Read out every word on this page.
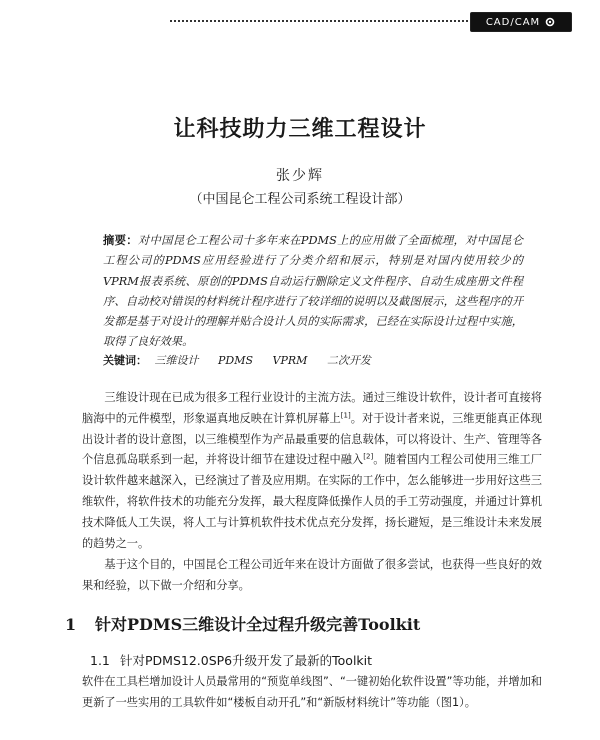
CAD/CAM
让科技助力三维工程设计
张少辉
（中国昆仑工程公司系统工程设计部）
摘要：对中国昆仑工程公司十多年来在PDMS上的应用做了全面梳理，对中国昆仑工程公司的PDMS应用经验进行了分类介绍和展示，特别是对国内使用较少的VPRM报表系统、原创的PDMS自动运行删除定义文件程序、自动生成座册文件程序、自动校对错误的材料统计程序进行了较详细的说明以及截图展示，这些程序的开发都是基于对设计的理解并贴合设计人员的实际需求，已经在实际设计过程中实施，取得了良好效果。
关键词： 三维设计 PDMS VPRM 二次开发
三维设计现在已成为很多工程行业设计的主流方法。通过三维设计软件，设计者可直接将脑海中的元件模型，形象逼真地反映在计算机屏幕上[1]。对于设计者来说，三维更能真正体现出设计者的设计意图，以三维模型作为产品最重要的信息载体，可以将设计、生产、管理等各个信息孤岛联系到一起，并将设计细节在建设过程中融入[2]。随着国内工程公司使用三维工厂设计软件越来越深入，已经演过了普及应用期。在实际的工作中，怎么能够进一步用好这些三维软件，将软件技术的功能充分发挥，最大程度降低操作人员的手工劳动强度，并通过计算机技术降低人工失误，将人工与计算机软件技术优点充分发挥，扬长避短，是三维设计未来发展的趋势之一。
基于这个目的，中国昆仑工程公司近年来在设计方面做了很多尝试，也获得一些良好的效果和经验，以下做一介绍和分享。
1 针对PDMS三维设计全过程升级完善Toolkit
1.1 针对PDMS12.0SP6升级开发了最新的Toolkit
软件在工具栏增加设计人员最常用的“预览单线图”、“一键初始化软件设置”等功能，并增加和更新了一些实用的工具软件如“楼板自动开孔”和“新版材料统计”等功能（图1）。
